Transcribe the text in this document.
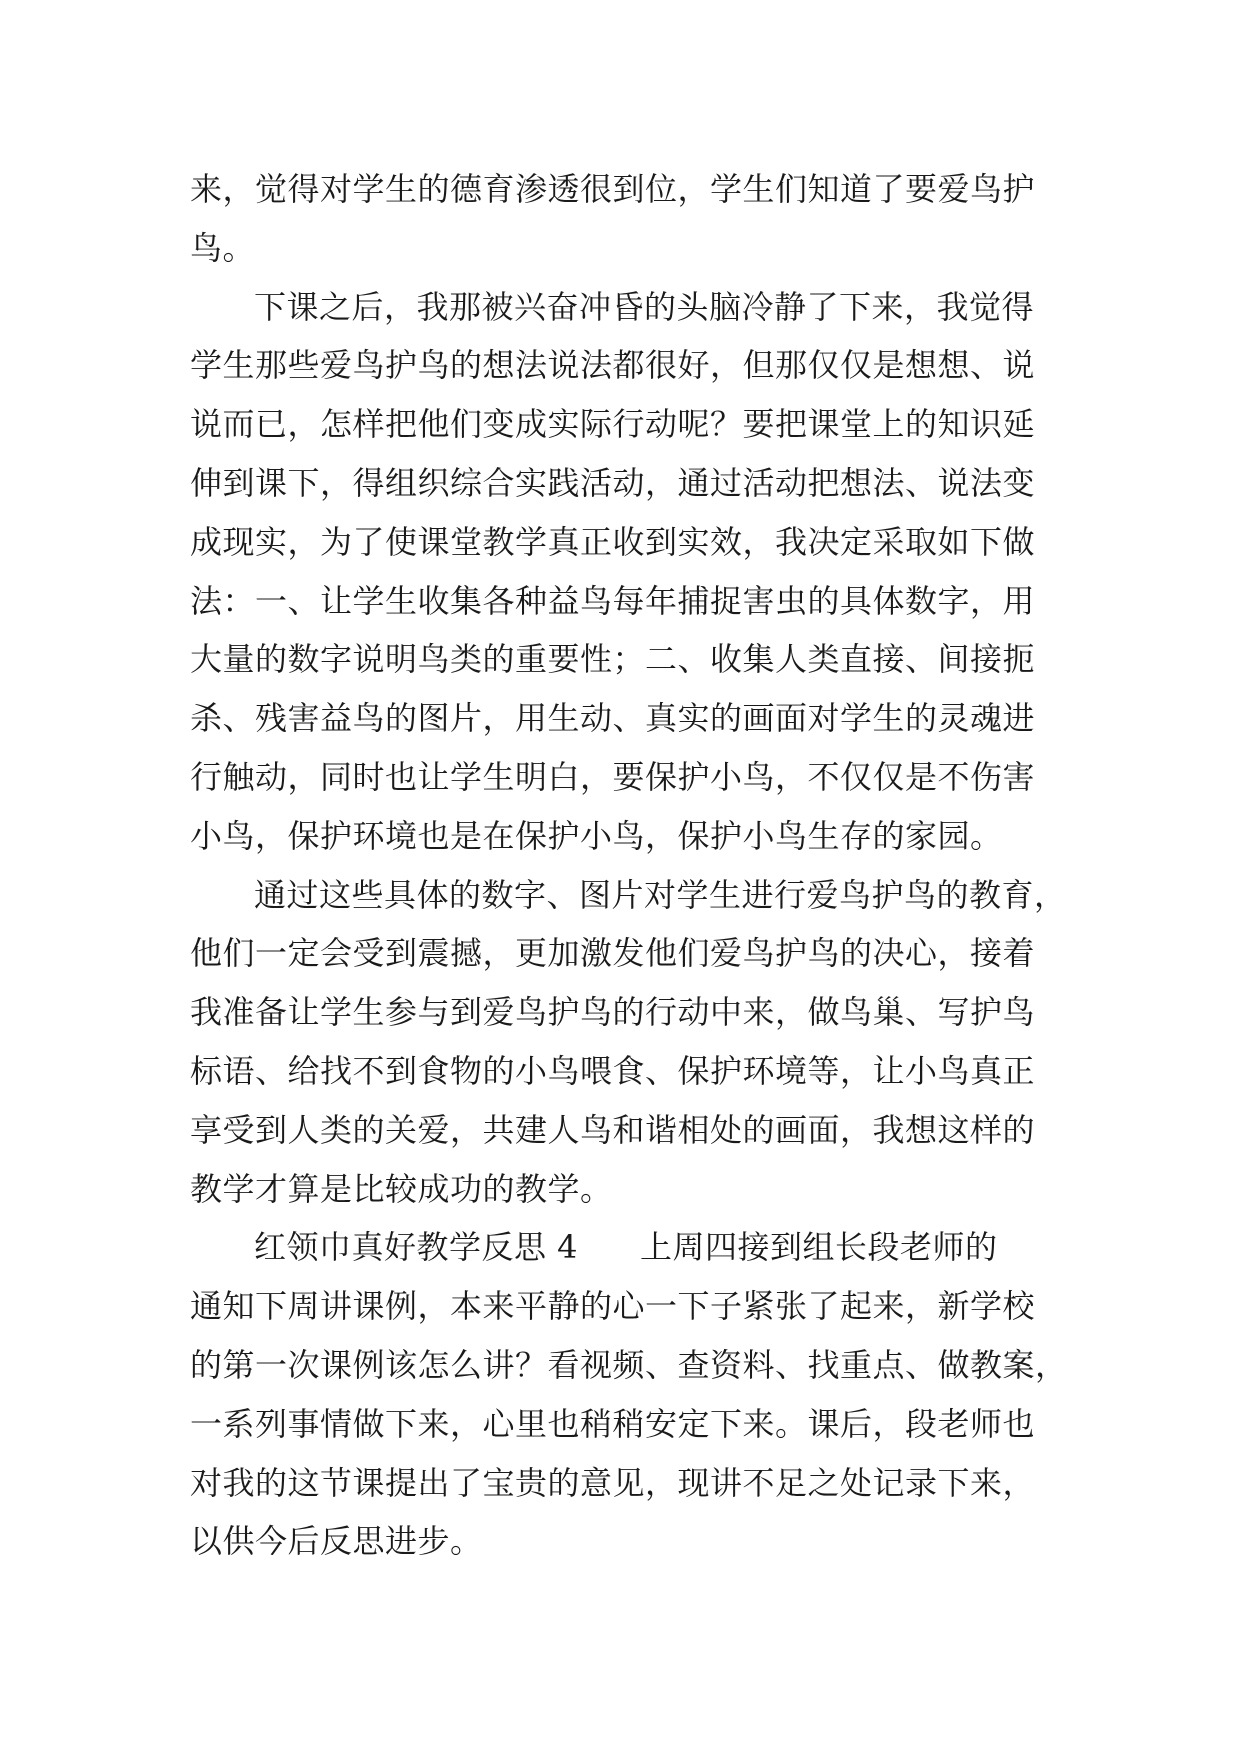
来，觉得对学生的德育渗透很到位，学生们知道了要爱鸟护
鸟。
下课之后，我那被兴奋冲昏的头脑冷静了下来，我觉得
学生那些爱鸟护鸟的想法说法都很好，但那仅仅是想想、说
说而已，怎样把他们变成实际行动呢？要把课堂上的知识延
伸到课下，得组织综合实践活动，通过活动把想法、说法变
成现实，为了使课堂教学真正收到实效，我决定采取如下做
法：一、让学生收集各种益鸟每年捕捉害虫的具体数字，用
大量的数字说明鸟类的重要性；二、收集人类直接、间接扼
杀、残害益鸟的图片，用生动、真实的画面对学生的灵魂进
行触动，同时也让学生明白，要保护小鸟，不仅仅是不伤害
小鸟，保护环境也是在保护小鸟，保护小鸟生存的家园。
通过这些具体的数字、图片对学生进行爱鸟护鸟的教育，
他们一定会受到震撼，更加激发他们爱鸟护鸟的决心，接着
我准备让学生参与到爱鸟护鸟的行动中来，做鸟巢、写护鸟
标语、给找不到食物的小鸟喂食、保护环境等，让小鸟真正
享受到人类的关爱，共建人鸟和谐相处的画面，我想这样的
教学才算是比较成功的教学。
红领巾真好教学反思 4 上周四接到组长段老师的
通知下周讲课例，本来平静的心一下子紧张了起来，新学校
的第一次课例该怎么讲？看视频、查资料、找重点、做教案，
一系列事情做下来，心里也稍稍安定下来。课后，段老师也
对我的这节课提出了宝贵的意见，现讲不足之处记录下来，
以供今后反思进步。
